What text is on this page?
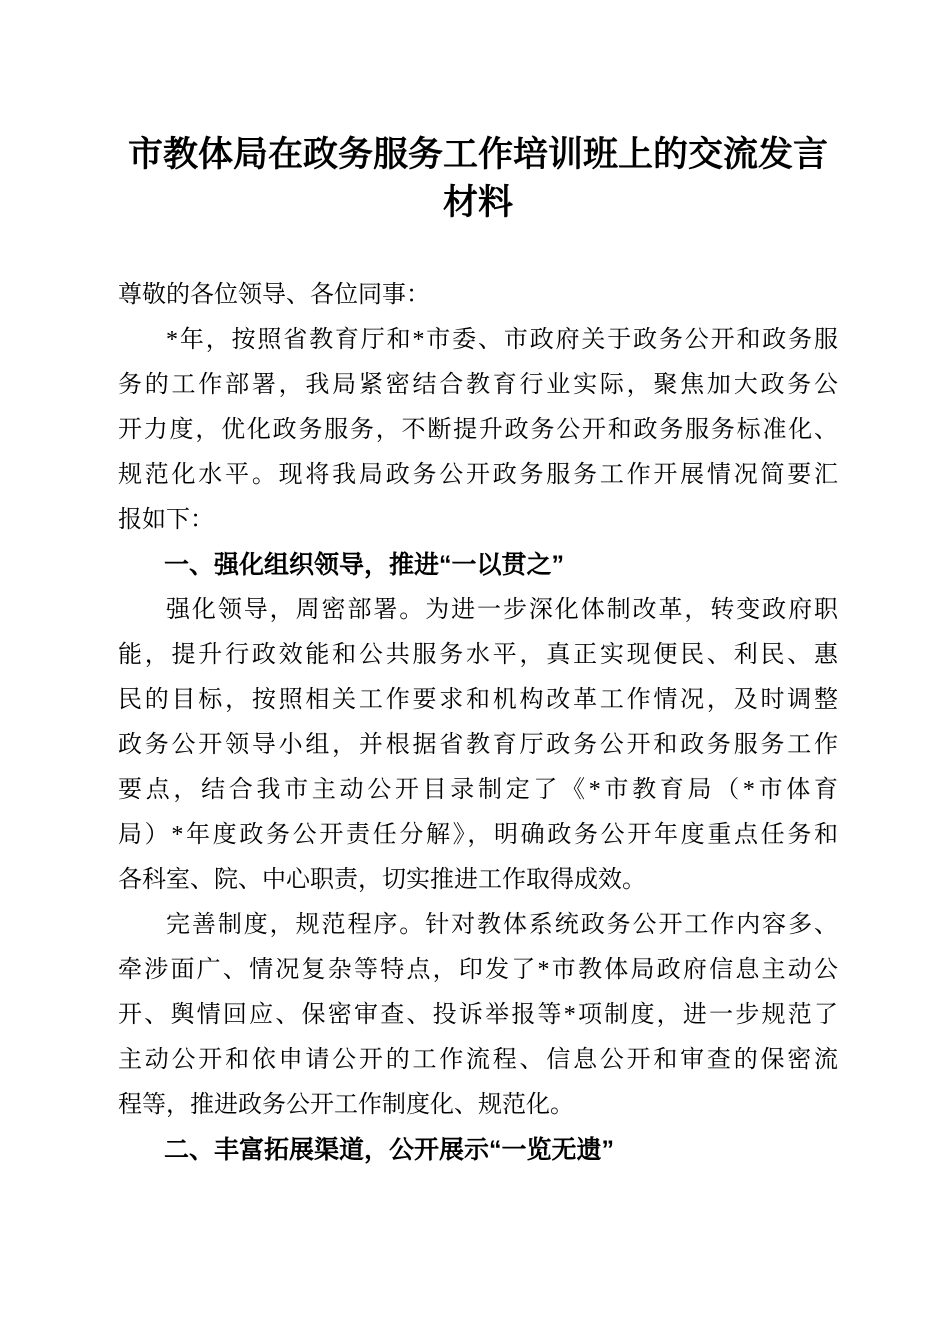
市教体局在政务服务工作培训班上的交流发言
材料
尊敬的各位领导、各位同事：
*年，按照省教育厅和*市委、市政府关于政务公开和政务服
务的工作部署，我局紧密结合教育行业实际，聚焦加大政务公
开力度，优化政务服务，不断提升政务公开和政务服务标准化、
规范化水平。现将我局政务公开政务服务工作开展情况简要汇
报如下：
一、强化组织领导，推进“一以贯之”
强化领导，周密部署。为进一步深化体制改革，转变政府职
能，提升行政效能和公共服务水平，真正实现便民、利民、惠
民的目标，按照相关工作要求和机构改革工作情况，及时调整
政务公开领导小组，并根据省教育厅政务公开和政务服务工作
要点，结合我市主动公开目录制定了《*市教育局（*市体育
局）*年度政务公开责任分解》，明确政务公开年度重点任务和
各科室、院、中心职责，切实推进工作取得成效。
完善制度，规范程序。针对教体系统政务公开工作内容多、
牵涉面广、情况复杂等特点，印发了*市教体局政府信息主动公
开、舆情回应、保密审查、投诉举报等*项制度，进一步规范了
主动公开和依申请公开的工作流程、信息公开和审查的保密流
程等，推进政务公开工作制度化、规范化。
二、丰富拓展渠道，公开展示“一览无遗”
